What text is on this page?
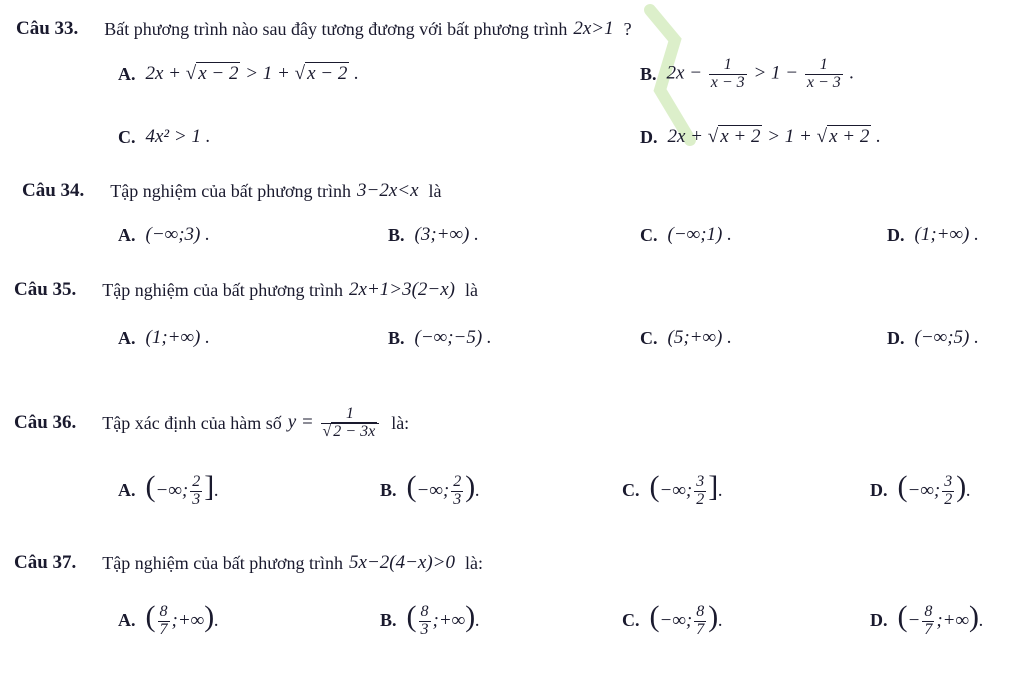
Câu 33. Bất phương trình nào sau đây tương đương với bất phương trình 2x>1 ?
A. 2x + √ x − 2 > 1 + √ x − 2 .	B. $2x - \frac{1}{x - 3} > 1 - \frac{1}{x - 3}$ .
C. 4x² > 1 .	D. 2x + √ x + 2 > 1 + √ x + 2 .
Câu 34. Tập nghiệm của bất phương trình 3−2x<x là
A. (−∞;3) .	B. (3;+∞) .	C. (−∞;1) .	D. (1;+∞) .
Câu 35. Tập nghiệm của bất phương trình 2x+1>3(2−x) là
A. (1;+∞) .	B. (−∞;−5) .	C. (5;+∞) .	D. (−∞;5) .
Câu 36. Tập xác định của hàm số $y = \frac{1}{√ 2 - 3x}$ là:
A. (−∞; $\frac{2}{3}$ ].	B. (−∞; $\frac{2}{3}$ ).	C. (−∞; $\frac{3}{2}$ ].	D. (−∞; $\frac{3}{2}$ ).
Câu 37. Tập nghiệm của bất phương trình 5x−2(4−x)>0 là:
A. ( $\frac{8}{7}$ ;+∞).	B. ( $\frac{8}{3}$ ;+∞).	C. (−∞; $\frac{8}{7}$ ).	D. (− $\frac{8}{7}$ ;+∞).
